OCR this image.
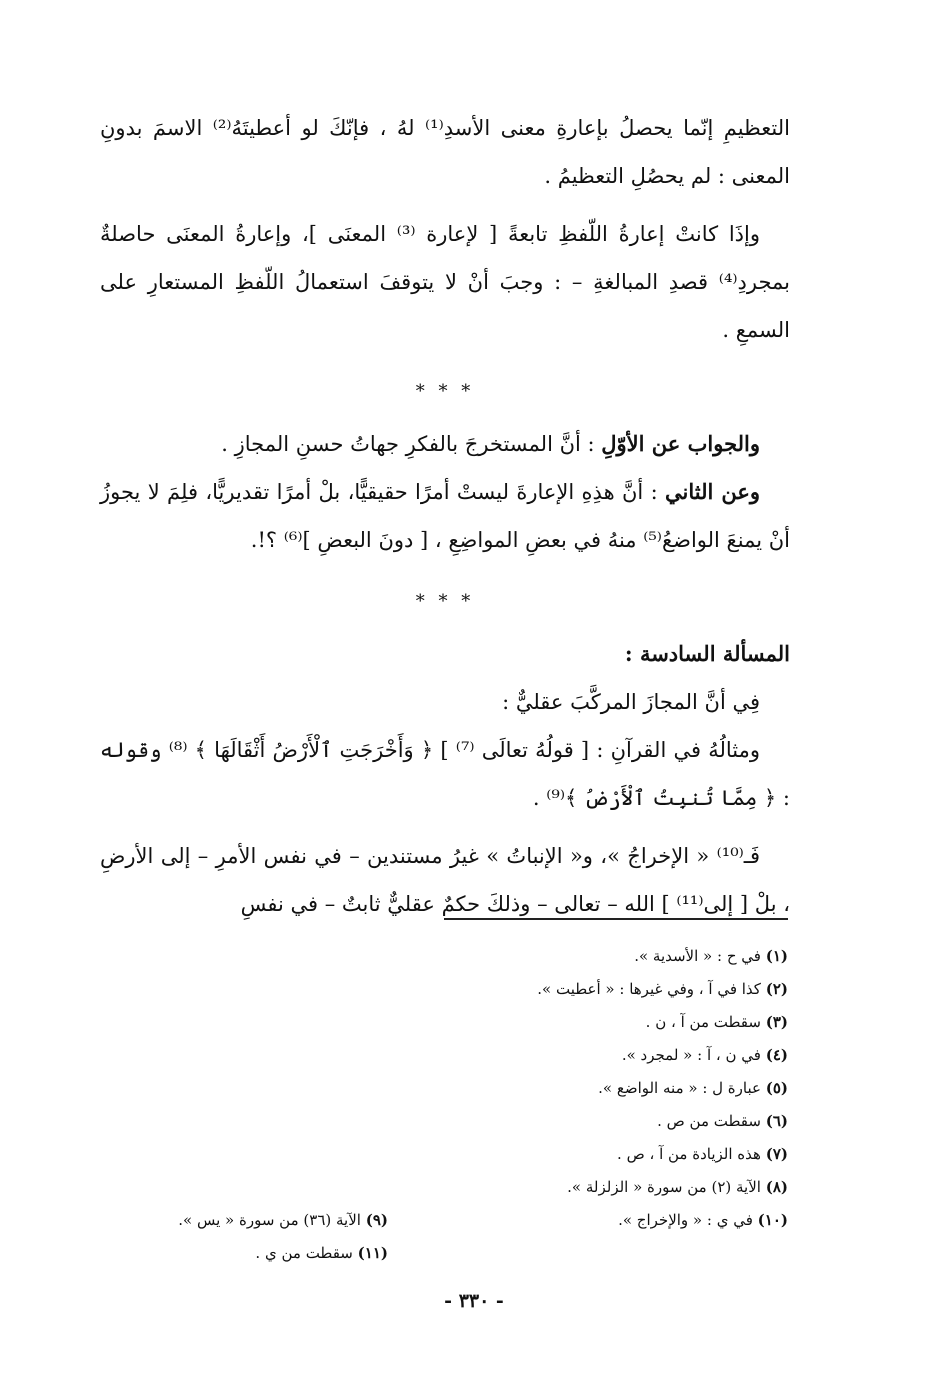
التعظيمِ إنّما يحصلُ بإعارةِ معنى الأسدِ⁽¹⁾ لهُ ، فإنّكَ لو أعطيتَهُ⁽²⁾ الاسمَ بدونِ المعنى : لم يحصُلِ التعظيمُ .

وإذَا كانتْ إعارةُ اللّفظِ تابعةً [ لإعارة ⁽³⁾ المعنَى ]، وإعارةُ المعنَى حاصلةٌ بمجردِ⁽⁴⁾ قصدِ المبالغةِ – : وجبَ أنْ لا يتوقفَ استعمالُ اللّفظِ المستعارِ على السمعِ .

* * *

والجواب عن الأوّلِ : أنَّ المستخرجَ بالفكرِ جهاتُ حسنِ المجازِ .

وعن الثاني : أنَّ هذِهِ الإعارةَ ليستْ أمرًا حقيقيًّا، بلْ أمرًا تقديريًّا، فلِمَ لا يجوزُ أنْ يمنعَ الواضعُ⁽⁵⁾ منهُ في بعضِ المواضِعِ ، [ دونَ البعضِ ]⁽⁶⁾ ؟!.

* * *

المسألة السادسة :

فِي أنَّ المجازَ المركَّبَ عقليٌّ :

ومثالُهُ في القرآنِ : [ قولُهُ تعالَى ⁽⁷⁾ ] ﴿ وَأَخْرَجَتِ ٱلْأَرْضُ أَثْقَالَهَا ﴾ ⁽⁸⁾ وقوله : ﴿ مِمَّا تُنبِتُ ٱلْأَرْضُ ﴾⁽⁹⁾ .

فَـ⁽¹⁰⁾ « الإخراجُ »، و« الإنباتُ » غيرُ مستندين – في نفس الأمرِ – إلى الأرضِ ، بلْ [ إلى⁽¹¹⁾ ] الله – تعالى – وذلكَ حكمٌ عقليٌّ ثابتٌ – في نفسِ

(١) في ح : « الأسدية ».
(٢) كذا في آ ، وفي غيرها : « أعطيت ».
(٣) سقطت من آ ، ن .
(٤) في ن ، آ : « لمجرد ».
(٥) عبارة ل : « منه الواضع ».
(٦) سقطت من ص .
(٧) هذه الزيادة من آ ، ص .
(٨) الآية (٢) من سورة « الزلزلة ».
(١٠) في ي : « والإخراج ».
(٩) الآية (٣٦) من سورة « يس ».
(١١) سقطت من ي .
- ٣٣٠ -
